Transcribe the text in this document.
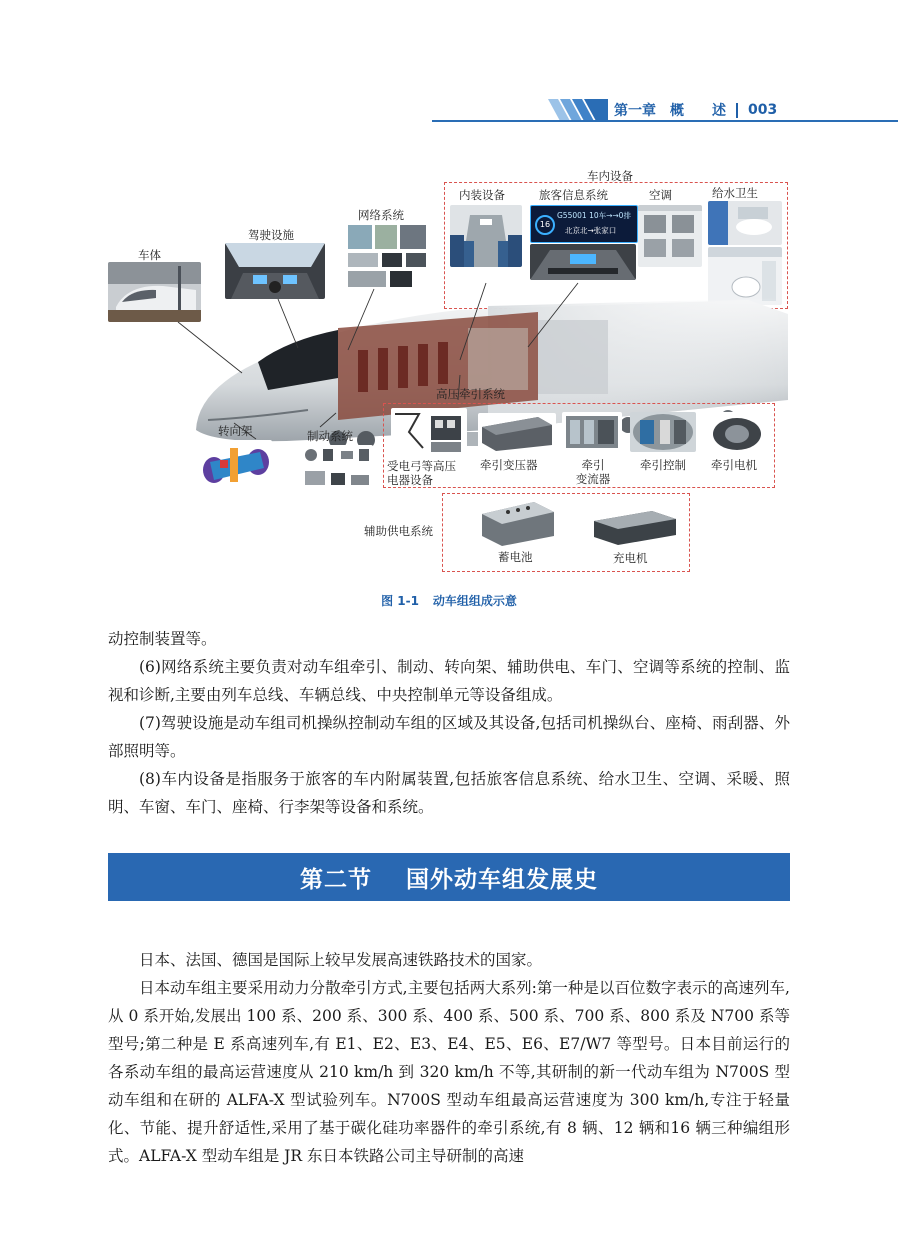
第一章　概　　述 003
车体
驾驶设施
网络系统
车内设备
内装设备	旅客信息系统	空调	给水卫生
16
G55001 10车→→0排
北京北→张家口
高压牵引系统
受电弓等高压
电器设备
牵引变压器	牵引
变流器
牵引控制 牵引电机
转向架	制动系统
辅助供电系统
蓄电池	充电机
图 1-1 动车组组成示意

动控制装置等。

(6)网络系统主要负责对动车组牵引、制动、转向架、辅助供电、车门、空调等系统的控制、监视和诊断,主要由列车总线、车辆总线、中央控制单元等设备组成。

(7)驾驶设施是动车组司机操纵控制动车组的区域及其设备,包括司机操纵台、座椅、雨刮器、外部照明等。

(8)车内设备是指服务于旅客的车内附属装置,包括旅客信息系统、给水卫生、空调、采暖、照明、车窗、车门、座椅、行李架等设备和系统。

第二节 国外动车组发展史

日本、法国、德国是国际上较早发展高速铁路技术的国家。

日本动车组主要采用动力分散牵引方式,主要包括两大系列:第一种是以百位数字表示的高速列车,从 0 系开始,发展出 100 系、200 系、300 系、400 系、500 系、700 系、800 系及 N700 系等型号;第二种是 E 系高速列车,有 E1、E2、E3、E4、E5、E6、E7/W7 等型号。日本目前运行的各系动车组的最高运营速度从 210 km/h 到 320 km/h 不等,其研制的新一代动车组为 N700S 型动车组和在研的 ALFA-X 型试验列车。N700S 型动车组最高运营速度为 300 km/h,专注于轻量化、节能、提升舒适性,采用了基于碳化硅功率器件的牵引系统,有 8 辆、12 辆和16 辆三种编组形式。ALFA-X 型动车组是 JR 东日本铁路公司主导研制的高速
